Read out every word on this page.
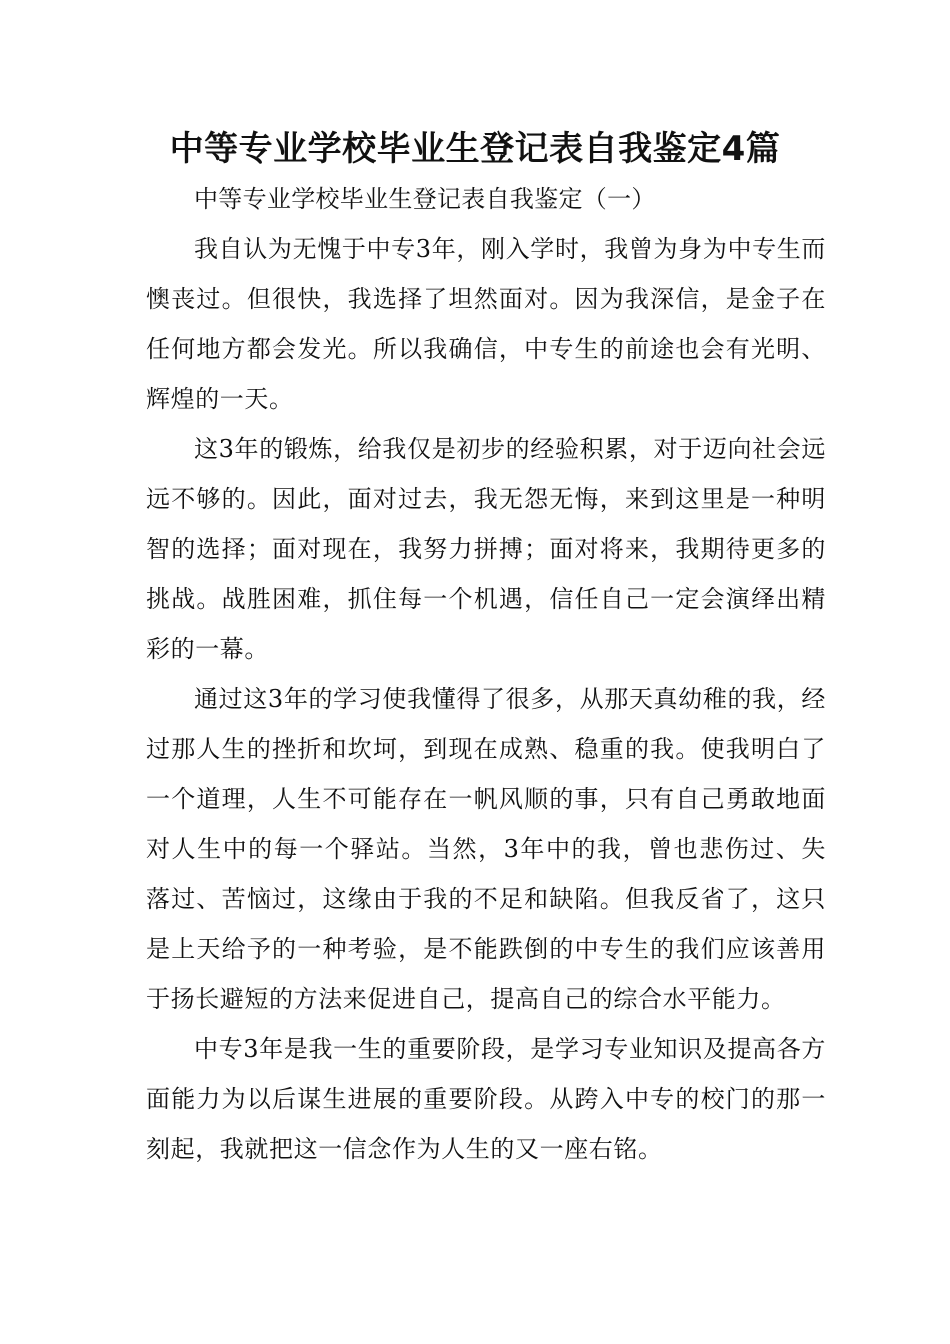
中等专业学校毕业生登记表自我鉴定4篇

中等专业学校毕业生登记表自我鉴定（一）

我自认为无愧于中专3年，刚入学时，我曾为身为中专生而懊丧过。但很快，我选择了坦然面对。因为我深信，是金子在任何地方都会发光。所以我确信，中专生的前途也会有光明、辉煌的一天。

这3年的锻炼，给我仅是初步的经验积累，对于迈向社会远远不够的。因此，面对过去，我无怨无悔，来到这里是一种明智的选择；面对现在，我努力拼搏；面对将来，我期待更多的挑战。战胜困难，抓住每一个机遇，信任自己一定会演绎出精彩的一幕。

通过这3年的学习使我懂得了很多，从那天真幼稚的我，经过那人生的挫折和坎坷，到现在成熟、稳重的我。使我明白了一个道理，人生不可能存在一帆风顺的事，只有自己勇敢地面对人生中的每一个驿站。当然，3年中的我，曾也悲伤过、失落过、苦恼过，这缘由于我的不足和缺陷。但我反省了，这只是上天给予的一种考验，是不能跌倒的中专生的我们应该善用于扬长避短的方法来促进自己，提高自己的综合水平能力。

中专3年是我一生的重要阶段，是学习专业知识及提高各方面能力为以后谋生进展的重要阶段。从跨入中专的校门的那一刻起，我就把这一信念作为人生的又一座右铭。
